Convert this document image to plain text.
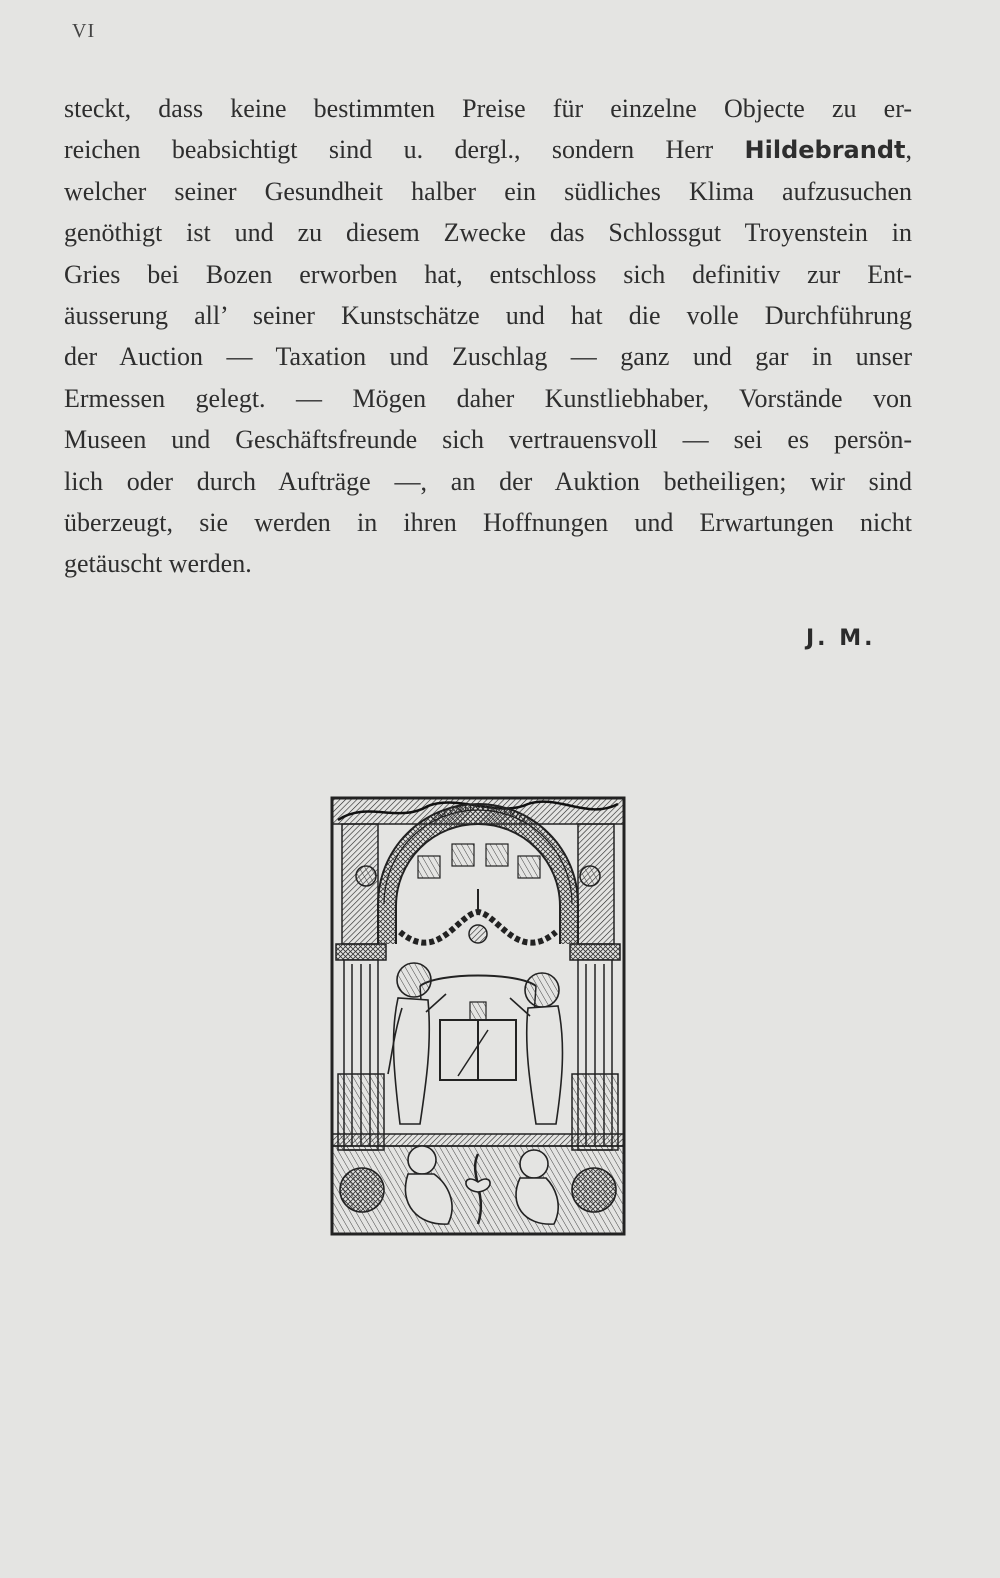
VI
steckt, dass keine bestimmten Preise für einzelne Objecte zu er-
reichen beabsichtigt sind u. dergl., sondern Herr Hildebrandt,
welcher seiner Gesundheit halber ein südliches Klima aufzusuchen
genöthigt ist und zu diesem Zwecke das Schlossgut Troyenstein in
Gries bei Bozen erworben hat, entschloss sich definitiv zur Ent-
äusserung all’ seiner Kunstschätze und hat die volle Durchführung
der Auction — Taxation und Zuschlag — ganz und gar in unser
Ermessen gelegt. — Mögen daher Kunstliebhaber, Vorstände von
Museen und Geschäftsfreunde sich vertrauensvoll — sei es persön-
lich oder durch Aufträge —, an der Auktion betheiligen; wir sind
überzeugt, sie werden in ihren Hoffnungen und Erwartungen nicht
getäuscht werden.
J. M.
VALENTINVS CVRIO
